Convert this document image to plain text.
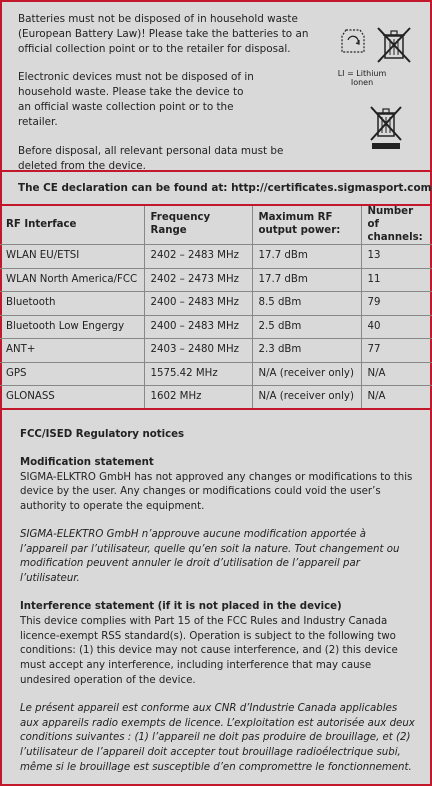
Batteries must not be disposed of in household waste (European Battery Law)! Please take the batteries to an official collection point or to the retailer for disposal.

Electronic devices must not be disposed of in household waste. Please take the device to an official waste collection point or to the retailer.

Before disposal, all relevant personal data must be deleted from the device.

LI = Lithium Ionen
The CE declaration can be found at: http://certificates.sigmasport.com
RF Interface	Frequency Range	Maximum RF output power:	Number of channels:
WLAN EU/ETSI	2402 – 2483 MHz	17.7 dBm	13
WLAN North America/FCC	2402 – 2473 MHz	17.7 dBm	11
Bluetooth	2400 – 2483 MHz	8.5 dBm	79
Bluetooth Low Engergy	2400 – 2483 MHz	2.5 dBm	40
ANT+	2403 – 2480 MHz	2.3 dBm	77
GPS	1575.42 MHz	N/A (receiver only)	N/A
GLONASS	1602 MHz	N/A (receiver only)	N/A
FCC/ISED Regulatory notices
Modification statement
SIGMA-ELKTRO GmbH has not approved any changes or modifications to this device by the user. Any changes or modifications could void the user’s authority to operate the equipment.
SIGMA-ELEKTRO GmbH n’approuve aucune modification apportée à l’appareil par l’utilisateur, quelle qu’en soit la nature. Tout changement ou modification peuvent annuler le droit d’utilisation de l’appareil par l’utilisateur.
Interference statement (if it is not placed in the device)
This device complies with Part 15 of the FCC Rules and Industry Canada licence-exempt RSS standard(s). Operation is subject to the following two conditions: (1) this device may not cause interference, and (2) this device must accept any interference, including interference that may cause undesired operation of the device.
Le présent appareil est conforme aux CNR d’Industrie Canada applicables aux appareils radio exempts de licence. L’exploitation est autorisée aux deux conditions suivantes : (1) l’appareil ne doit pas produire de brouillage, et (2) l’utilisateur de l’appareil doit accepter tout brouillage radioélectrique subi, même si le brouillage est susceptible d’en compromettre le fonctionnement.
